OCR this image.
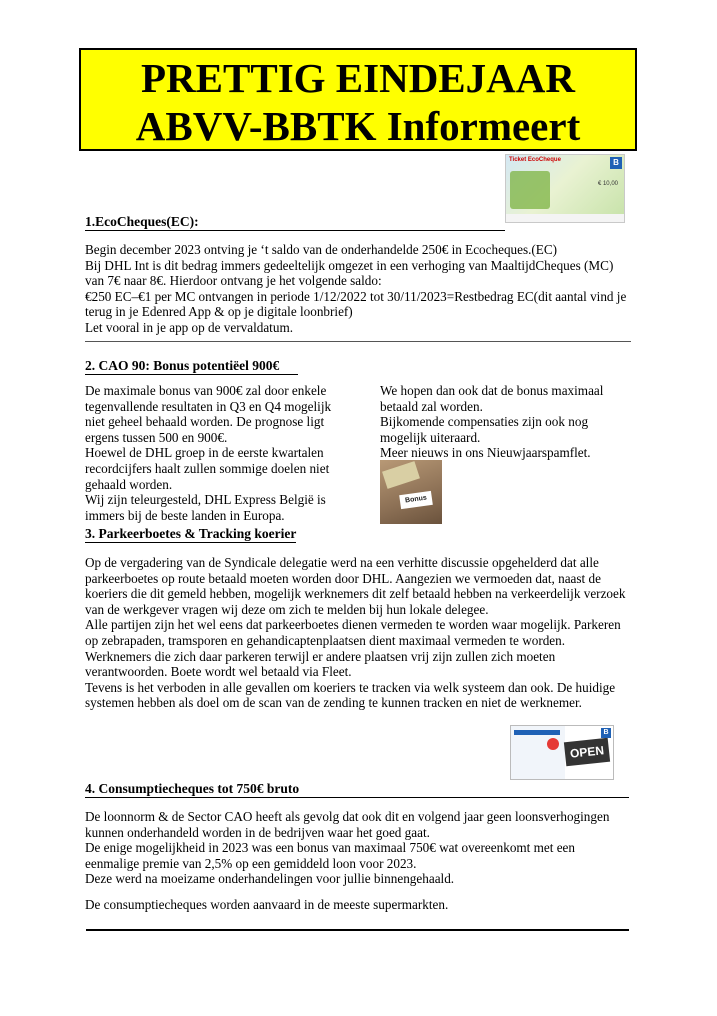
PRETTIG EINDEJAAR
ABVV-BBTK Informeert
Ticket EcoCheque	B
€ 10,00
1.EcoCheques(EC):
Begin december 2023 ontving je ‘t saldo van de onderhandelde 250€ in Ecocheques.(EC)
Bij DHL Int is dit bedrag immers gedeeltelijk omgezet in een verhoging van MaaltijdCheques (MC)
van 7€ naar 8€. Hierdoor ontvang je het volgende saldo:
€250 EC–€1 per MC ontvangen in periode 1/12/2022 tot 30/11/2023=Restbedrag EC(dit aantal vind je
terug in je Edenred App & op je digitale loonbrief)
Let vooral in je app op de vervaldatum.
2. CAO 90: Bonus potentiëel 900€
De maximale bonus van 900€ zal door enkele
tegenvallende resultaten in Q3 en Q4 mogelijk
niet geheel behaald worden. De prognose ligt
ergens tussen 500 en 900€.
Hoewel de DHL groep in de eerste kwartalen
recordcijfers haalt zullen sommige doelen niet
gehaald worden.
Wij zijn teleurgesteld, DHL Express België is
immers bij de beste landen in Europa.
We hopen dan ook dat de bonus maximaal
betaald zal worden.
Bijkomende compensaties zijn ook nog
mogelijk uiteraard.
Meer nieuws in ons Nieuwjaarspamflet.
Bonus
3. Parkeerboetes & Tracking koerier
Op de vergadering van de Syndicale delegatie werd na een verhitte discussie opgehelderd dat alle
parkeerboetes op route betaald moeten worden door DHL. Aangezien we vermoeden dat, naast de
koeriers die dit gemeld hebben, mogelijk werknemers dit zelf betaald hebben na verkeerdelijk verzoek
van de werkgever vragen wij deze om zich te melden bij hun lokale delegee.
Alle partijen zijn het wel eens dat parkeerboetes dienen vermeden te worden waar mogelijk. Parkeren
op zebrapaden, tramsporen en gehandicaptenplaatsen dient maximaal vermeden te worden.
Werknemers die zich daar parkeren terwijl er andere plaatsen vrij zijn zullen zich moeten
verantwoorden. Boete wordt wel betaald via Fleet.
Tevens is het verboden in alle gevallen om koeriers te tracken via welk systeem dan ook. De huidige
systemen hebben als doel om de scan van de zending te kunnen tracken en niet de werknemer.
OPEN
B
4. Consumptiecheques tot 750€ bruto
De loonnorm & de Sector CAO heeft als gevolg dat ook dit en volgend jaar geen loonsverhogingen
kunnen onderhandeld worden in de bedrijven waar het goed gaat.
De enige mogelijkheid in 2023 was een bonus van maximaal 750€ wat overeenkomt met een
eenmalige premie van 2,5% op een gemiddeld loon voor 2023.
Deze werd na moeizame onderhandelingen voor jullie binnengehaald.
De consumptiecheques worden aanvaard in de meeste supermarkten.
